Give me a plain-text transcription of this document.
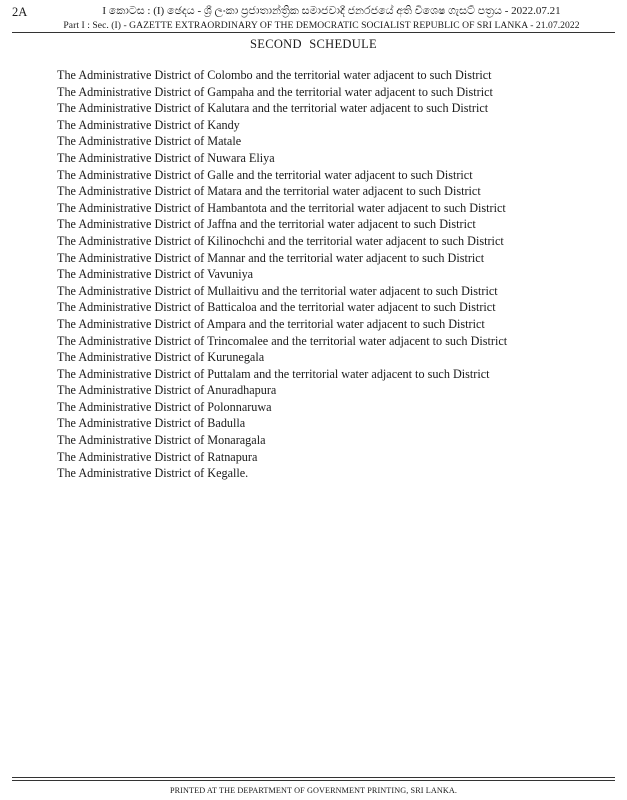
2A	I කොටස : (I) ඡෙදය - ශ්‍රී ලංකා ප්‍රජාතාන්ත්‍රික සමාජවාදී ජනරජයේ අති විශෙෂ ගැසට් පත්‍රය - 2022.07.21
Part I : Sec. (I) - GAZETTE EXTRAORDINARY OF THE DEMOCRATIC SOCIALIST REPUBLIC OF SRI LANKA - 21.07.2022
SECOND SCHEDULE
The Administrative District of Colombo and the territorial water adjacent to such District
The Administrative District of Gampaha and the territorial water adjacent to such District
The Administrative District of Kalutara and the territorial water adjacent to such District
The Administrative District of Kandy
The Administrative District of Matale
The Administrative District of Nuwara Eliya
The Administrative District of Galle and the territorial water adjacent to such District
The Administrative District of Matara and the territorial water adjacent to such District
The Administrative District of Hambantota and the territorial water adjacent to such District
The Administrative District of Jaffna and the territorial water adjacent to such District
The Administrative District of Kilinochchi and the territorial water adjacent to such District
The Administrative District of Mannar and the territorial water adjacent to such District
The Administrative District of Vavuniya
The Administrative District of Mullaitivu and the territorial water adjacent to such District
The Administrative District of Batticaloa and the territorial water adjacent to such District
The Administrative District of Ampara and the territorial water adjacent to such District
The Administrative District of Trincomalee and the territorial water adjacent to such District
The Administrative District of Kurunegala
The Administrative District of Puttalam and the territorial water adjacent to such District
The Administrative District of Anuradhapura
The Administrative District of Polonnaruwa
The Administrative District of Badulla
The Administrative District of Monaragala
The Administrative District of Ratnapura
The Administrative District of Kegalle.
PRINTED AT THE DEPARTMENT OF GOVERNMENT PRINTING, SRI LANKA.
